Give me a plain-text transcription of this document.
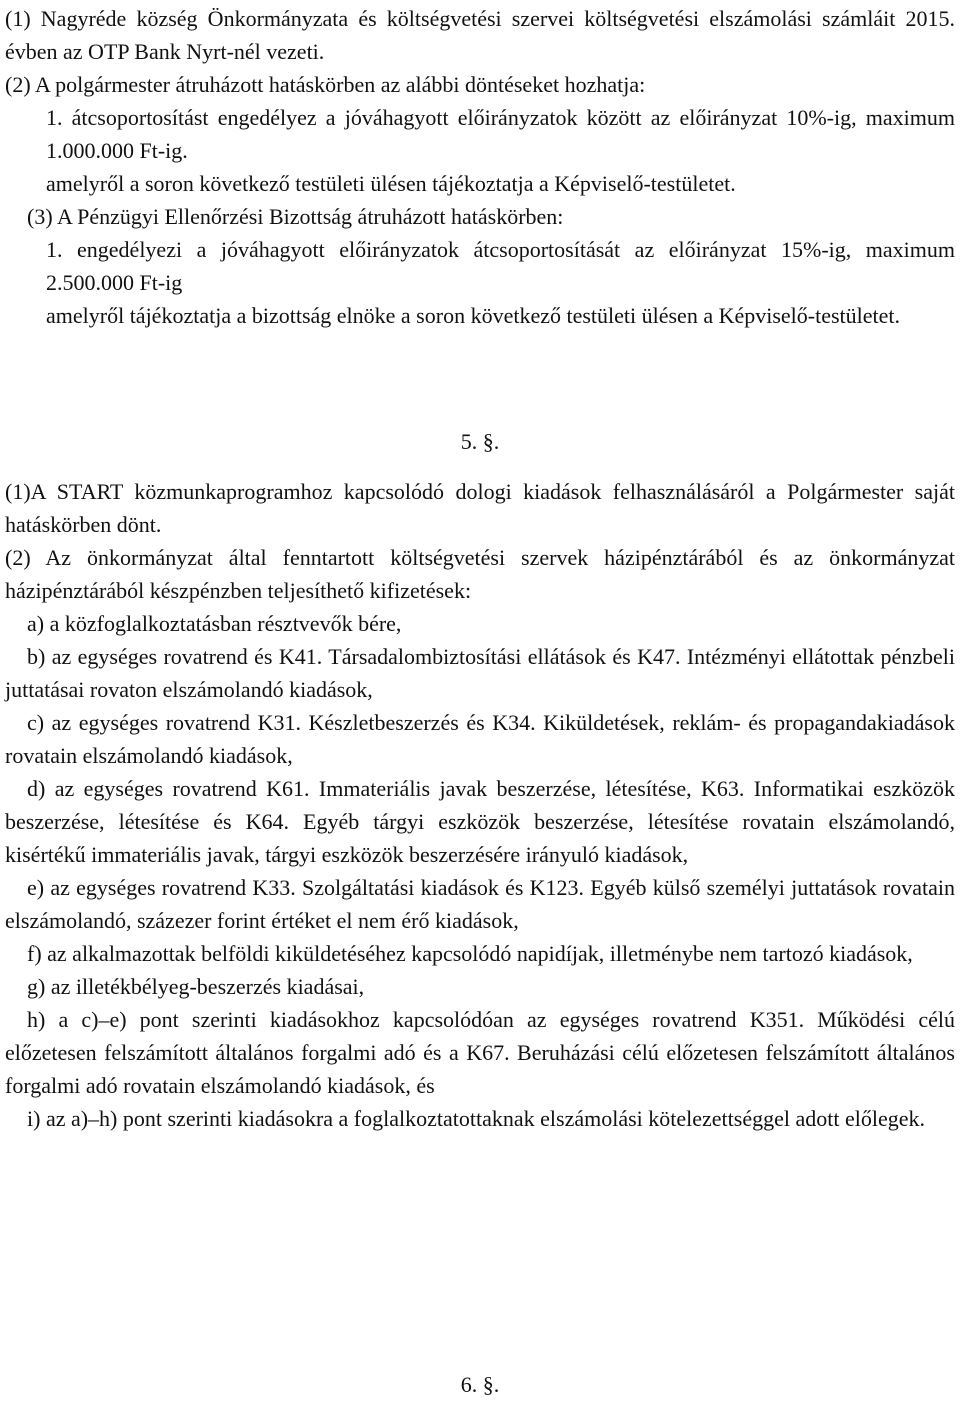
(1) Nagyréde község Önkormányzata és költségvetési szervei költségvetési elszámolási számláit 2015. évben az OTP Bank Nyrt-nél vezeti.

(2) A polgármester átruházott hatáskörben az alábbi döntéseket hozhatja:

1. átcsoportosítást engedélyez a jóváhagyott előirányzatok között az előirányzat 10%-ig, maximum 1.000.000 Ft-ig.

amelyről a soron következő testületi ülésen tájékoztatja a Képviselő-testületet.

(3) A Pénzügyi Ellenőrzési Bizottság átruházott hatáskörben:

1. engedélyezi a jóváhagyott előirányzatok átcsoportosítását az előirányzat 15%-ig, maximum 2.500.000 Ft-ig

amelyről tájékoztatja a bizottság elnöke a soron következő testületi ülésen a Képviselő-testületet.

5. §.

(1)A START közmunkaprogramhoz kapcsolódó dologi kiadások felhasználásáról a Polgármester saját hatáskörben dönt.

(2) Az önkormányzat által fenntartott költségvetési szervek házipénztárából és az önkormányzat házipénztárából készpénzben teljesíthető kifizetések:

a) a közfoglalkoztatásban résztvevők bére,

b) az egységes rovatrend és K41. Társadalombiztosítási ellátások és K47. Intézményi ellátottak pénzbeli juttatásai rovaton elszámolandó kiadások,

c) az egységes rovatrend K31. Készletbeszerzés és K34. Kiküldetések, reklám- és propagandakiadások rovatain elszámolandó kiadások,

d) az egységes rovatrend K61. Immateriális javak beszerzése, létesítése, K63. Informatikai eszközök beszerzése, létesítése és K64. Egyéb tárgyi eszközök beszerzése, létesítése rovatain elszámolandó, kisértékű immateriális javak, tárgyi eszközök beszerzésére irányuló kiadások,

e) az egységes rovatrend K33. Szolgáltatási kiadások és K123. Egyéb külső személyi juttatások rovatain elszámolandó, százezer forint értéket el nem érő kiadások,

f) az alkalmazottak belföldi kiküldetéséhez kapcsolódó napidíjak, illetménybe nem tartozó kiadások,

g) az illetékbélyeg-beszerzés kiadásai,

h) a c)–e) pont szerinti kiadásokhoz kapcsolódóan az egységes rovatrend K351. Működési célú előzetesen felszámított általános forgalmi adó és a K67. Beruházási célú előzetesen felszámított általános forgalmi adó rovatain elszámolandó kiadások, és

i) az a)–h) pont szerinti kiadásokra a foglalkoztatottaknak elszámolási kötelezettséggel adott előlegek.

6. §.
